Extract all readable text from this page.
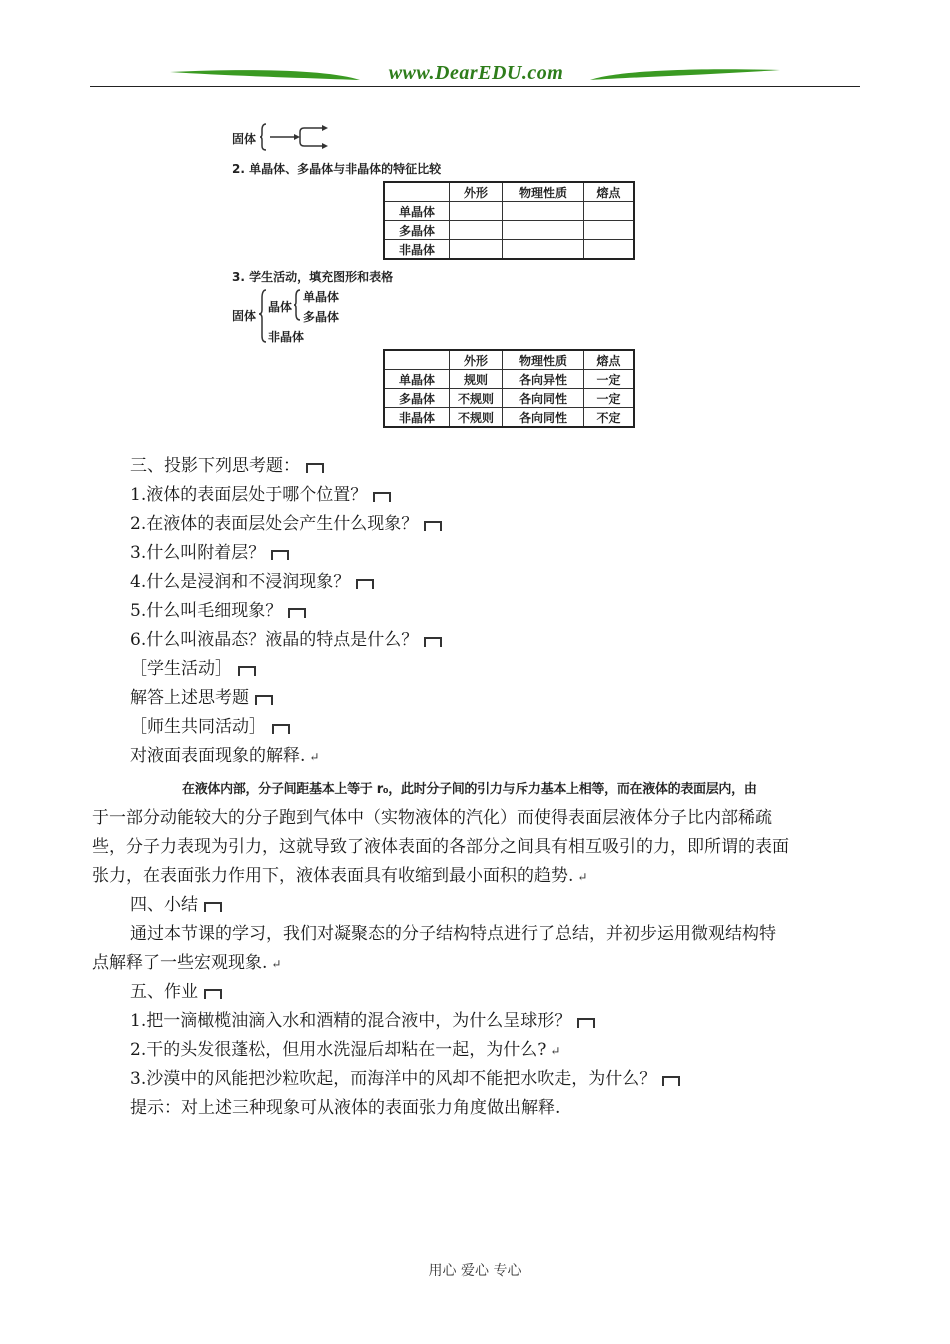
www.DearEDU.com
固体
2. 单晶体、多晶体与非晶体的特征比较
	外形	物理性质	熔点
单晶体			
多晶体			
非晶体			
3. 学生活动，填充图形和表格
固体
晶体
单晶体
多晶体
非晶体
	外形	物理性质	熔点
单晶体	规则	各向异性	一定
多晶体	不规则	各向同性	一定
非晶体	不规则	各向同性	不定
三、投影下列思考题：
1.液体的表面层处于哪个位置？
2.在液体的表面层处会产生什么现象？
3.什么叫附着层？
4.什么是浸润和不浸润现象？
5.什么叫毛细现象？
6.什么叫液晶态？液晶的特点是什么？
［学生活动］
解答上述思考题
［师生共同活动］
对液面表面现象的解释. ↵
在液体内部，分子间距基本上等于 r₀，此时分子间的引力与斥力基本上相等，而在液体的表面层内，由
于一部分动能较大的分子跑到气体中（实物液体的汽化）而使得表面层液体分子比内部稀疏
些，分子力表现为引力，这就导致了液体表面的各部分之间具有相互吸引的力，即所谓的表面
张力，在表面张力作用下，液体表面具有收缩到最小面积的趋势. ↵
四、小结
通过本节课的学习，我们对凝聚态的分子结构特点进行了总结，并初步运用微观结构特
点解释了一些宏观现象. ↵
五、作业
1.把一滴橄榄油滴入水和酒精的混合液中，为什么呈球形？
2.干的头发很蓬松，但用水洗湿后却粘在一起，为什么? ↵
3.沙漠中的风能把沙粒吹起，而海洋中的风却不能把水吹走，为什么？
提示：对上述三种现象可从液体的表面张力角度做出解释.
用心 爱心 专心
